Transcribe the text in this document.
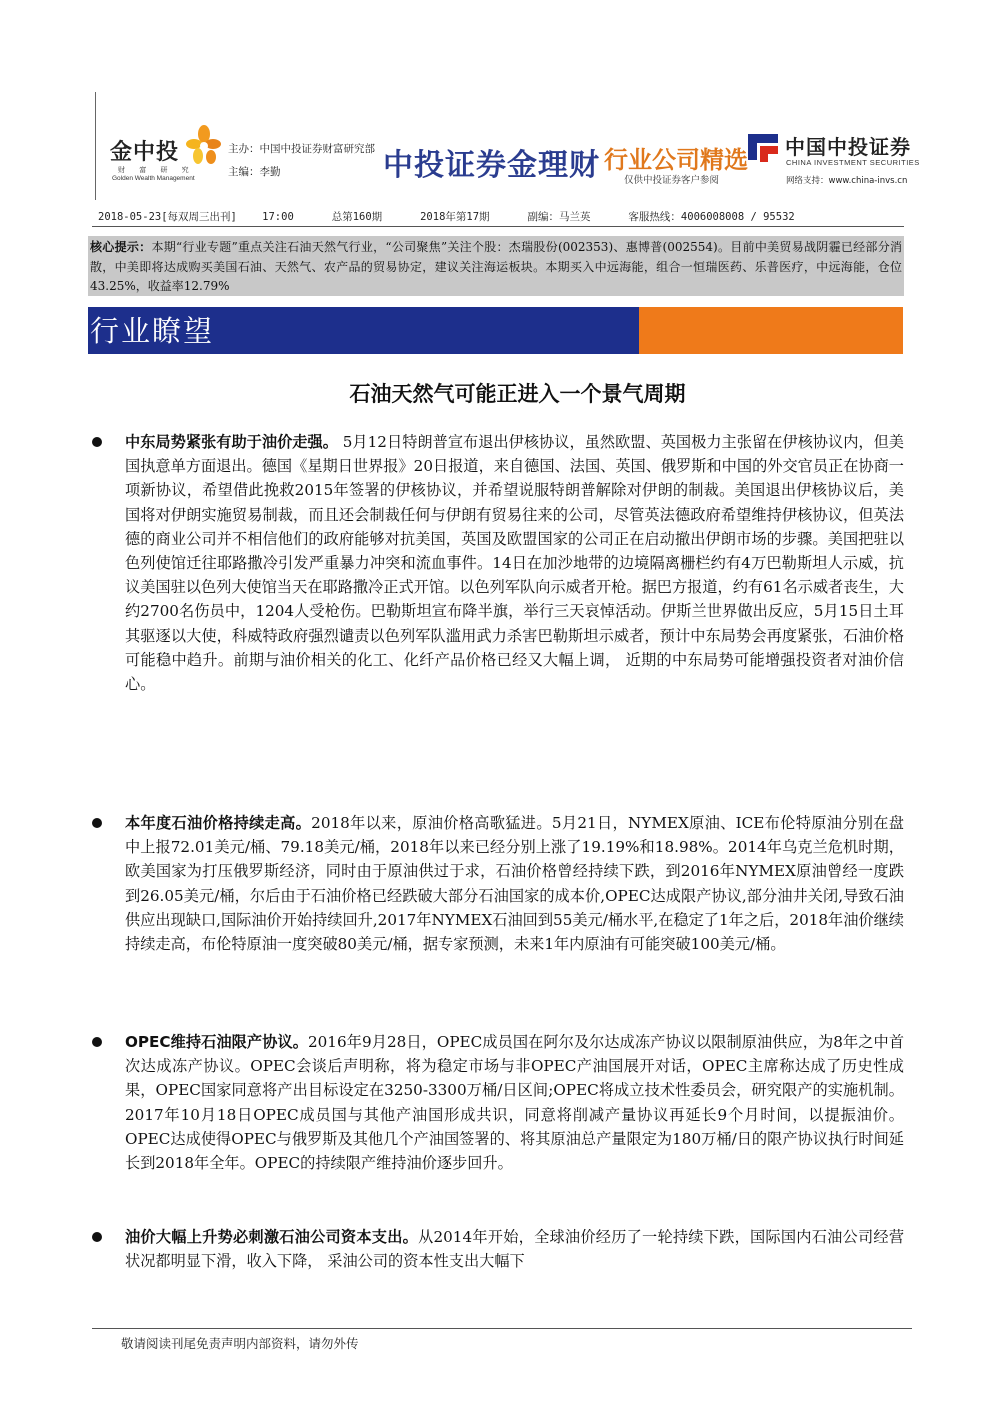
金中投
财 富 研 究
Golden Wealth Management
主办：中国中投证券财富研究部
主编：李勤	中投证券金理财 行业公司精选
仅供中投证券客户参阅
中国中投证券
CHINA INVESTMENT SECURITIES
网络支持：www.china-invs.cn
2018-05-23[每双周三出刊] 17:00	总第160期	2018年第17期	副编：马兰英	客服热线：4006008008 / 95532
核心提示：本期“行业专题”重点关注石油天然气行业，“公司聚焦”关注个股：杰瑞股份(002353)、惠博普(002554)。目前中美贸易战阴霾已经部分消散，中美即将达成购买美国石油、天然气、农产品的贸易协定，建议关注海运板块。本期买入中远海能，组合一恒瑞医药、乐普医疗，中远海能，仓位43.25%，收益率12.79%
行业瞭望
石油天然气可能正进入一个景气周期
中东局势紧张有助于油价走强。 5月12日特朗普宣布退出伊核协议，虽然欧盟、英国极力主张留在伊核协议内，但美国执意单方面退出。德国《星期日世界报》20日报道，来自德国、法国、英国、俄罗斯和中国的外交官员正在协商一项新协议，希望借此挽救2015年签署的伊核协议，并希望说服特朗普解除对伊朗的制裁。美国退出伊核协议后，美国将对伊朗实施贸易制裁，而且还会制裁任何与伊朗有贸易往来的公司，尽管英法德政府希望维持伊核协议，但英法德的商业公司并不相信他们的政府能够对抗美国，英国及欧盟国家的公司正在启动撤出伊朗市场的步骤。美国把驻以色列使馆迁往耶路撒冷引发严重暴力冲突和流血事件。14日在加沙地带的边境隔离栅栏约有4万巴勒斯坦人示威，抗议美国驻以色列大使馆当天在耶路撒冷正式开馆。以色列军队向示威者开枪。据巴方报道，约有61名示威者丧生，大约2700名伤员中，1204人受枪伤。巴勒斯坦宣布降半旗，举行三天哀悼活动。伊斯兰世界做出反应，5月15日土耳其驱逐以大使，科威特政府强烈谴责以色列军队滥用武力杀害巴勒斯坦示威者，预计中东局势会再度紧张，石油价格可能稳中趋升。前期与油价相关的化工、化纤产品价格已经又大幅上调， 近期的中东局势可能增强投资者对油价信心。
本年度石油价格持续走高。2018年以来，原油价格高歌猛进。5月21日，NYMEX原油、ICE布伦特原油分别在盘中上报72.01美元/桶、79.18美元/桶，2018年以来已经分别上涨了19.19%和18.98%。2014年乌克兰危机时期，欧美国家为打压俄罗斯经济，同时由于原油供过于求，石油价格曾经持续下跌，到2016年NYMEX原油曾经一度跌到26.05美元/桶，尔后由于石油价格已经跌破大部分石油国家的成本价,OPEC达成限产协议,部分油井关闭,导致石油供应出现缺口,国际油价开始持续回升,2017年NYMEX石油回到55美元/桶水平,在稳定了1年之后，2018年油价继续持续走高，布伦特原油一度突破80美元/桶，据专家预测，未来1年内原油有可能突破100美元/桶。
OPEC维持石油限产协议。2016年9月28日，OPEC成员国在阿尔及尔达成冻产协议以限制原油供应，为8年之中首次达成冻产协议。OPEC会谈后声明称，将为稳定市场与非OPEC产油国展开对话，OPEC主席称达成了历史性成果，OPEC国家同意将产出目标设定在3250-3300万桶/日区间;OPEC将成立技术性委员会，研究限产的实施机制。2017年10月18日OPEC成员国与其他产油国形成共识，同意将削减产量协议再延长9个月时间，以提振油价。OPEC达成使得OPEC与俄罗斯及其他几个产油国签署的、将其原油总产量限定为180万桶/日的限产协议执行时间延长到2018年全年。OPEC的持续限产维持油价逐步回升。
油价大幅上升势必刺激石油公司资本支出。从2014年开始，全球油价经历了一轮持续下跌，国际国内石油公司经营状况都明显下滑，收入下降， 采油公司的资本性支出大幅下
敬请阅读刊尾免责声明内部资料，请勿外传
